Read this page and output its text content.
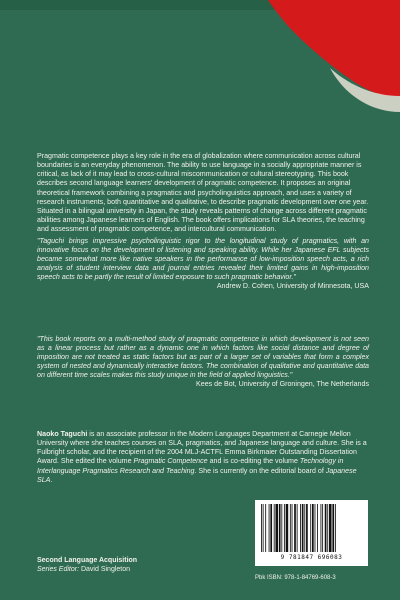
Pragmatic competence plays a key role in the era of globalization where communication across cultural boundaries is an everyday phenomenon. The ability to use language in a socially appropriate manner is critical, as lack of it may lead to cross-cultural miscommunication or cultural stereotyping. This book describes second language learners' development of pragmatic competence. It proposes an original theoretical framework combining a pragmatics and psycholinguistics approach, and uses a variety of research instruments, both quantitative and qualitative, to describe pragmatic development over one year. Situated in a bilingual university in Japan, the study reveals patterns of change across different pragmatic abilities among Japanese learners of English. The book offers implications for SLA theories, the teaching and assessment of pragmatic competence, and intercultural communication.
"Taguchi brings impressive psycholinguistic rigor to the longitudinal study of pragmatics, with an innovative focus on the development of listening and speaking ability. While her Japanese EFL subjects became somewhat more like native speakers in the performance of low-imposition speech acts, a rich analysis of student interview data and journal entries revealed their limited gains in high-imposition speech acts to be partly the result of limited exposure to such pragmatic behavior."
Andrew D. Cohen, University of Minnesota, USA
"This book reports on a multi-method study of pragmatic competence in which development is not seen as a linear process but rather as a dynamic one in which factors like social distance and degree of imposition are not treated as static factors but as part of a larger set of variables that form a complex system of nested and dynamically interactive factors. The combination of qualitative and quantitative data on different time scales makes this study unique in the field of applied linguistics."
Kees de Bot, University of Groningen, The Netherlands
Naoko Taguchi is an associate professor in the Modern Languages Department at Carnegie Mellon University where she teaches courses on SLA, pragmatics, and Japanese language and culture. She is a Fulbright scholar, and the recipient of the 2004 MLJ-ACTFL Emma Birkmaier Outstanding Dissertation Award. She edited the volume Pragmatic Competence and is co-editing the volume Technology in Interlanguage Pragmatics Research and Teaching. She is currently on the editorial board of Japanese SLA.
Second Language Acquisition
Series Editor: David Singleton
9 781847 696083
Pbk ISBN: 978-1-84769-608-3
